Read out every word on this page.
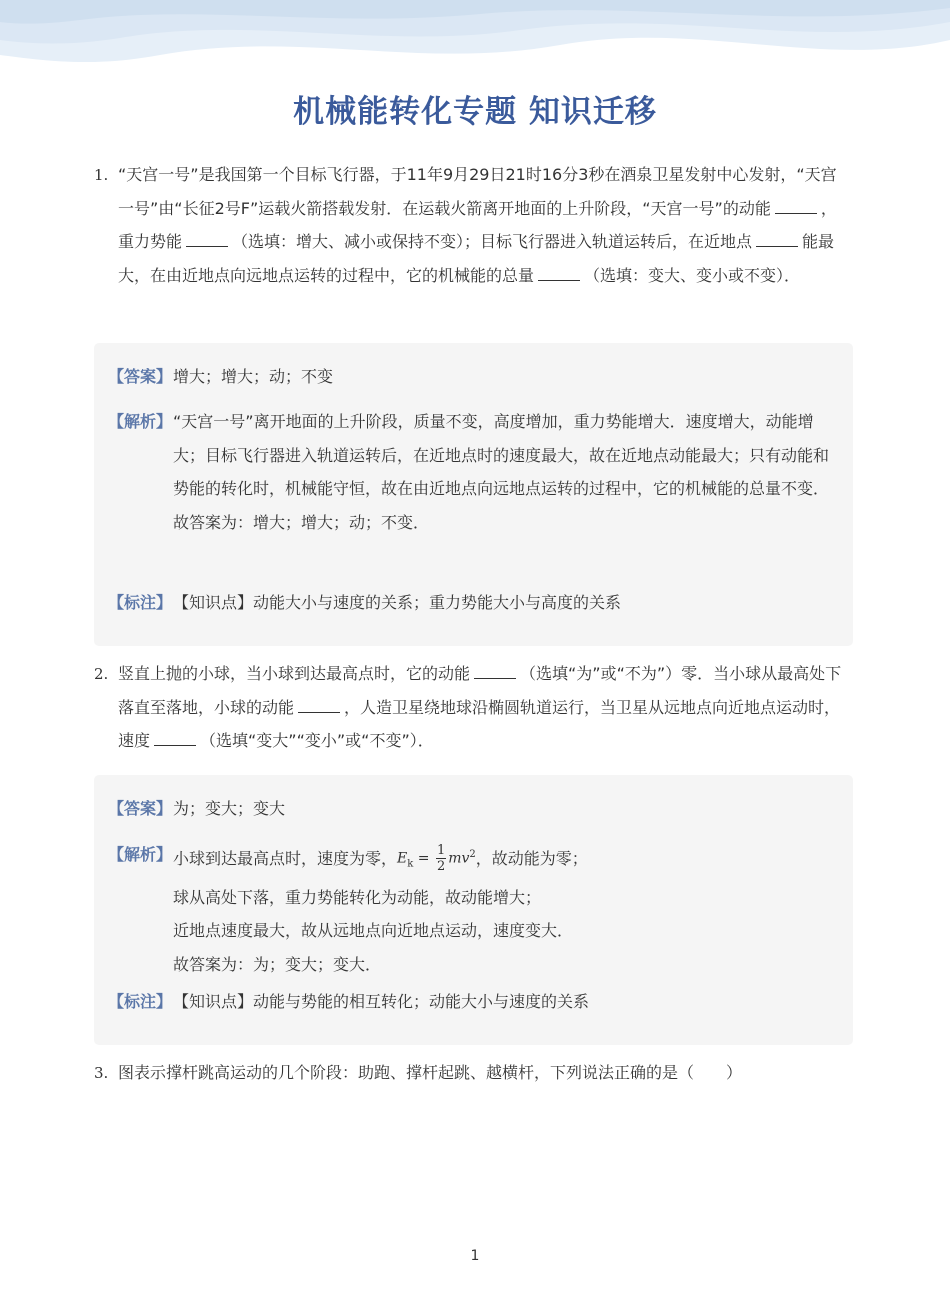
机械能转化专题 知识迁移
1. “天宫一号”是我国第一个目标飞行器，于11年9月29日21时16分3秒在酒泉卫星发射中心发射，“天宫一号”由“长征2号F”运载火箭搭载发射．在运载火箭离开地面的上升阶段，“天宫一号”的动能	，重力势能	（选填：增大、减小或保持不变）；目标飞行器进入轨道运转后，在近地点	能最大，在由近地点向远地点运转的过程中，它的机械能的总量	（选填：变大、变小或不变）．
【答案】 增大；增大；动；不变
【解析】 “天宫一号”离开地面的上升阶段，质量不变，高度增加，重力势能增大．速度增大，动能增大；目标飞行器进入轨道运转后，在近地点时的速度最大，故在近地点动能最大；只有动能和势能的转化时，机械能守恒，故在由近地点向远地点运转的过程中，它的机械能的总量不变．
故答案为：增大；增大；动；不变．
【标注】 【知识点】动能大小与速度的关系；重力势能大小与高度的关系
2. 竖直上抛的小球，当小球到达最高点时，它的动能	（选填“为”或“不为”）零．当小球从最高处下落直至落地，小球的动能	，人造卫星绕地球沿椭圆轨道运行，当卫星从远地点向近地点运动时，速度	（选填“变大”“变小”或“不变”）．
【答案】 为；变大；变大
【解析】 小球到达最高点时，速度为零，$E_k = \frac{1}{2} mv^2$，故动能为零；
球从高处下落，重力势能转化为动能，故动能增大；
近地点速度最大，故从远地点向近地点运动，速度变大．
故答案为：为；变大；变大．
【标注】 【知识点】动能与势能的相互转化；动能大小与速度的关系
3. 图表示撑杆跳高运动的几个阶段：助跑、撑杆起跳、越横杆，下列说法正确的是（　　）
1
